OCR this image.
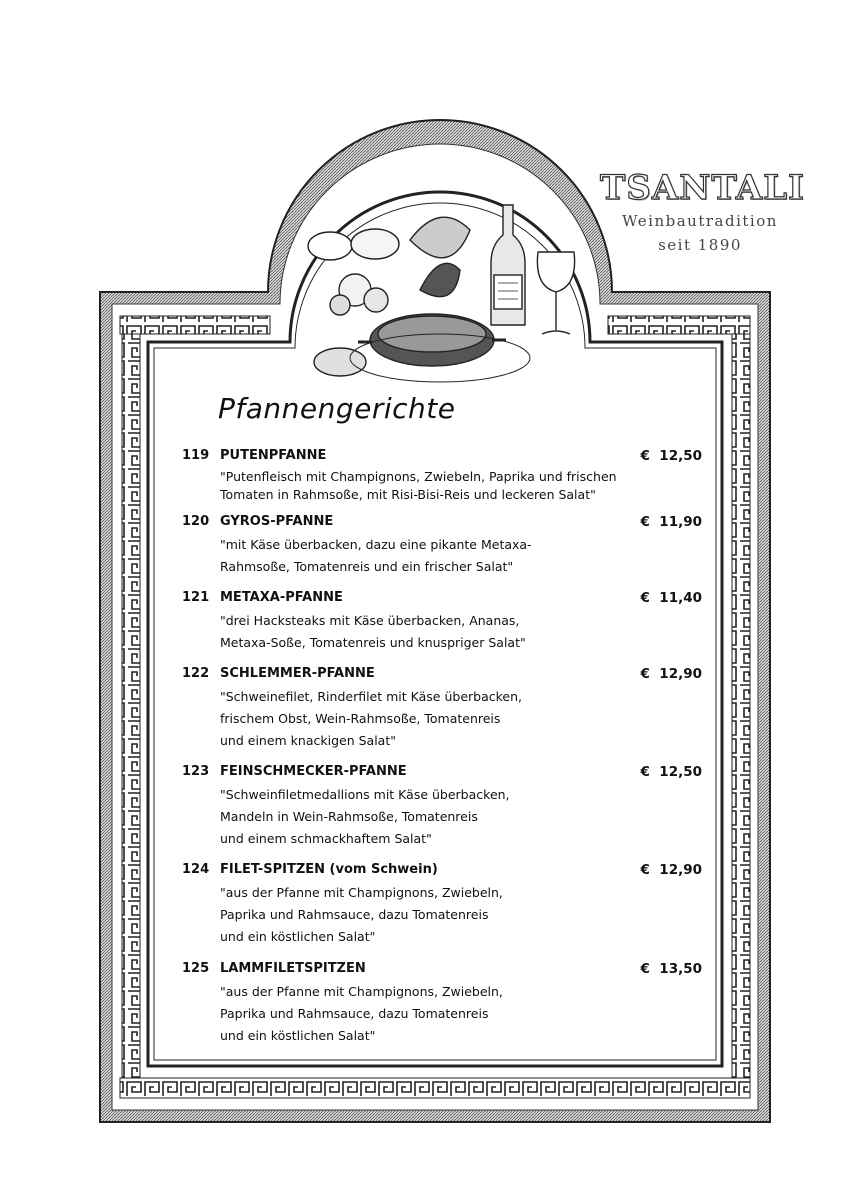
TSANTALI
Weinbautradition
seit 1890
Pfannengerichte
119 PUTENPFANNE	€ 12,50
"Putenfleisch mit Champignons, Zwiebeln, Paprika und frischen
Tomaten in Rahmsoße, mit Risi-Bisi-Reis und leckeren Salat"
120 GYROS-PFANNE	€ 11,90
"mit Käse überbacken, dazu eine pikante Metaxa-
Rahmsoße, Tomatenreis und ein frischer Salat"
121 METAXA-PFANNE	€ 11,40
"drei Hacksteaks mit Käse überbacken, Ananas,
Metaxa-Soße, Tomatenreis und knuspriger Salat"
122 SCHLEMMER-PFANNE	€ 12,90
"Schweinefilet, Rinderfilet mit Käse überbacken,
frischem Obst, Wein-Rahmsoße, Tomatenreis
und einem knackigen Salat"
123 FEINSCHMECKER-PFANNE	€ 12,50
"Schweinfiletmedallions mit Käse überbacken,
Mandeln in Wein-Rahmsoße, Tomatenreis
und einem schmackhaftem Salat"
124 FILET-SPITZEN (vom Schwein)	€ 12,90
"aus der Pfanne mit Champignons, Zwiebeln,
Paprika und Rahmsauce, dazu Tomatenreis
und ein köstlichen Salat"
125 LAMMFILETSPITZEN	€ 13,50
"aus der Pfanne mit Champignons, Zwiebeln,
Paprika und Rahmsauce, dazu Tomatenreis
und ein köstlichen Salat"
